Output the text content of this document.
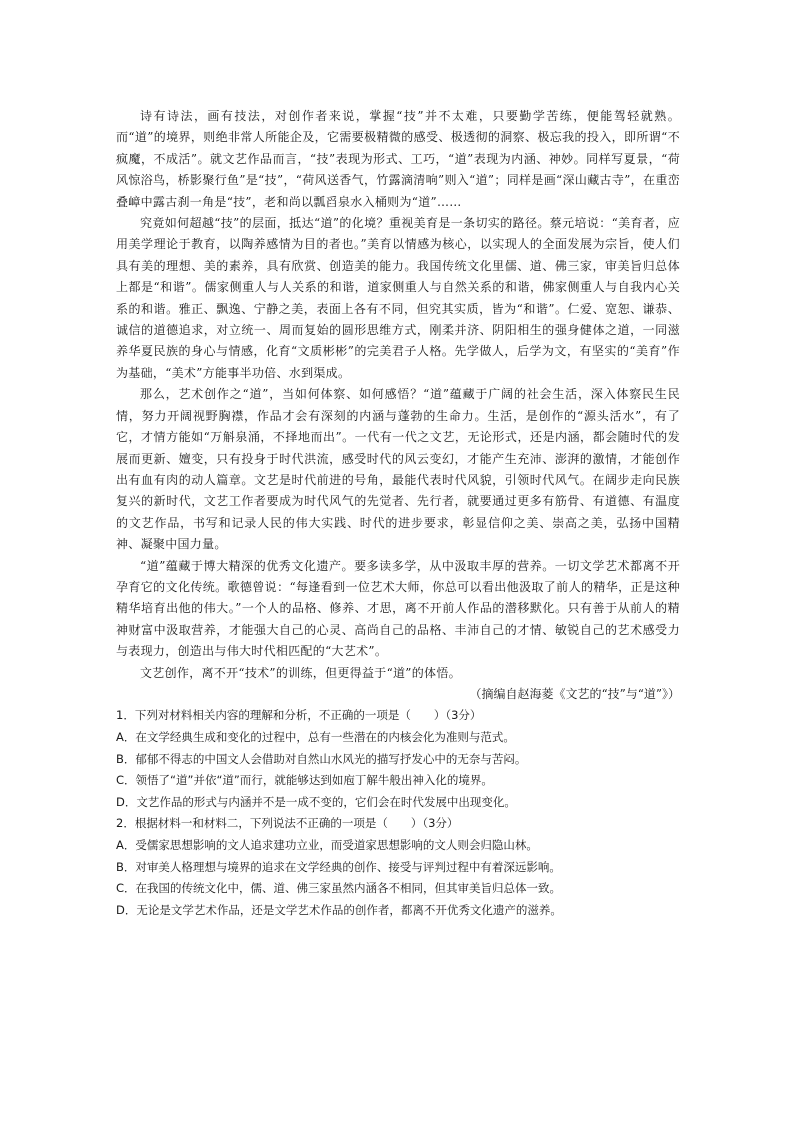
诗有诗法，画有技法，对创作者来说，掌握“技”并不太难，只要勤学苦练，便能驾轻就熟。而“道”的境界，则绝非常人所能企及，它需要极精微的感受、极透彻的洞察、极忘我的投入，即所谓“不疯魔，不成活”。就文艺作品而言，“技”表现为形式、工巧，“道”表现为内涵、神妙。同样写夏景，“荷风惊浴鸟，桥影聚行鱼”是“技”，“荷风送香气，竹露滴清响”则入“道”；同样是画“深山藏古寺”，在重峦叠嶂中露古刹一角是“技”，老和尚以瓢舀泉水入桶则为“道”……

究竟如何超越“技”的层面，抵达“道”的化境？重视美育是一条切实的路径。蔡元培说：“美育者，应用美学理论于教育，以陶养感情为目的者也。”美育以情感为核心，以实现人的全面发展为宗旨，使人们具有美的理想、美的素养，具有欣赏、创造美的能力。我国传统文化里儒、道、佛三家，审美旨归总体上都是“和谐”。儒家侧重人与人关系的和谐，道家侧重人与自然关系的和谐，佛家侧重人与自我内心关系的和谐。雅正、飘逸、宁静之美，表面上各有不同，但究其实质，皆为“和谐”。仁爱、宽恕、谦恭、诚信的道德追求，对立统一、周而复始的圆形思维方式，刚柔并济、阴阳相生的强身健体之道，一同滋养华夏民族的身心与情感，化育“文质彬彬”的完美君子人格。先学做人，后学为文，有坚实的“美育”作为基础，“美术”方能事半功倍、水到渠成。

那么，艺术创作之“道”，当如何体察、如何感悟？“道”蕴藏于广阔的社会生活，深入体察民生民情，努力开阔视野胸襟，作品才会有深刻的内涵与蓬勃的生命力。生活，是创作的“源头活水”，有了它，才情方能如“万斛泉涌，不择地而出”。一代有一代之文艺，无论形式，还是内涵，都会随时代的发展而更新、嬗变，只有投身于时代洪流，感受时代的风云变幻，才能产生充沛、澎湃的激情，才能创作出有血有肉的动人篇章。文艺是时代前进的号角，最能代表时代风貌，引领时代风气。在阔步走向民族复兴的新时代，文艺工作者要成为时代风气的先觉者、先行者，就要通过更多有筋骨、有道德、有温度的文艺作品，书写和记录人民的伟大实践、时代的进步要求，彰显信仰之美、崇高之美，弘扬中国精神、凝聚中国力量。

“道”蕴藏于博大精深的优秀文化遗产。要多读多学，从中汲取丰厚的营养。一切文学艺术都离不开孕育它的文化传统。歌德曾说：“每逢看到一位艺术大师，你总可以看出他汲取了前人的精华，正是这种精华培育出他的伟大。”一个人的品格、修养、才思，离不开前人作品的潜移默化。只有善于从前人的精神财富中汲取营养，才能强大自己的心灵、高尚自己的品格、丰沛自己的才情、敏锐自己的艺术感受力与表现力，创造出与伟大时代相匹配的“大艺术”。

文艺创作，离不开“技术”的训练，但更得益于“道”的体悟。

（摘编自赵海菱《文艺的“技”与“道”》）

1．下列对材料相关内容的理解和分析，不正确的一项是（　　）（3分）

A．在文学经典生成和变化的过程中，总有一些潜在的内核会化为准则与范式。

B．郁郁不得志的中国文人会借助对自然山水风光的描写抒发心中的无奈与苦闷。

C．领悟了“道”并依“道”而行，就能够达到如庖丁解牛般出神入化的境界。

D．文艺作品的形式与内涵并不是一成不变的，它们会在时代发展中出现变化。

2．根据材料一和材料二，下列说法不正确的一项是（　　）（3分）

A．受儒家思想影响的文人追求建功立业，而受道家思想影响的文人则会归隐山林。

B．对审美人格理想与境界的追求在文学经典的创作、接受与评判过程中有着深远影响。

C．在我国的传统文化中，儒、道、佛三家虽然内涵各不相同，但其审美旨归总体一致。

D．无论是文学艺术作品，还是文学艺术作品的创作者，都离不开优秀文化遗产的滋养。
